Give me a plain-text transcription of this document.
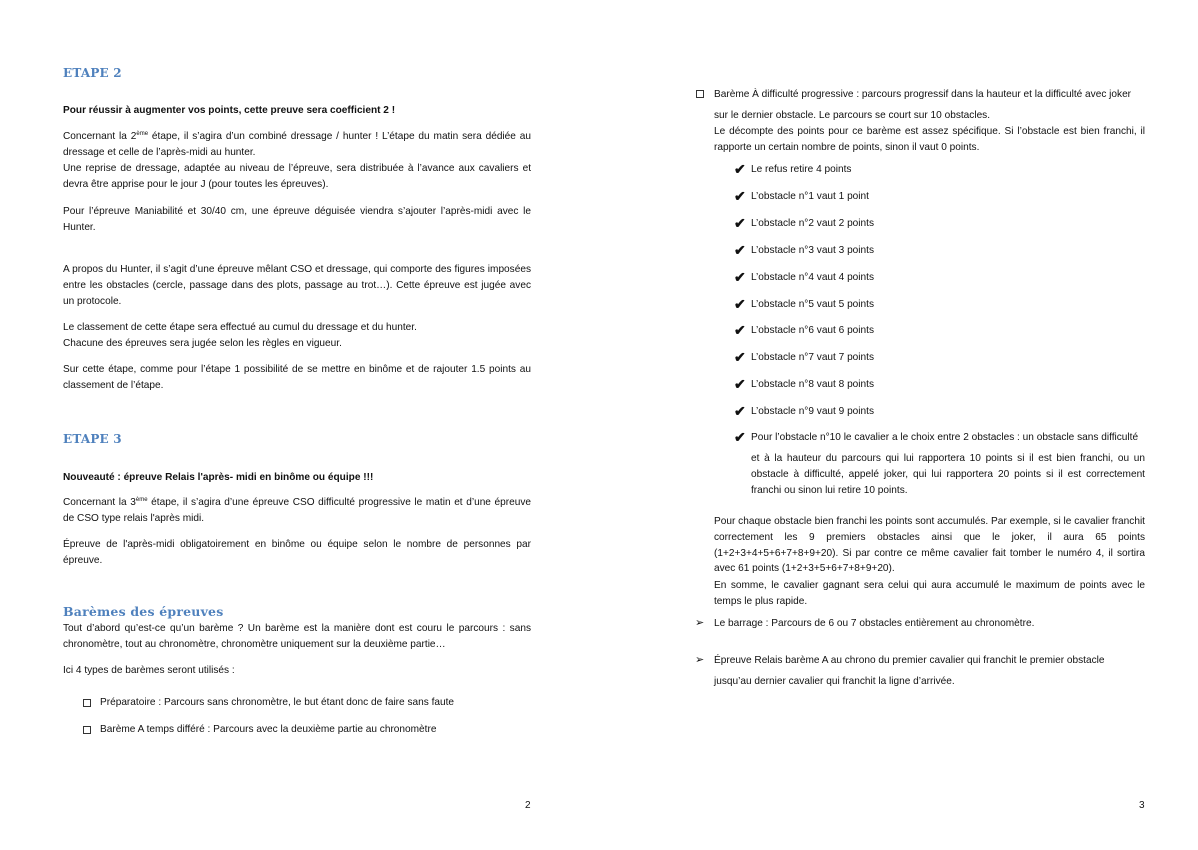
ETAPE 2

Pour réussir à augmenter vos points, cette preuve sera coefficient 2 !

Concernant la 2ème étape, il s’agira d’un combiné dressage / hunter ! L’étape du matin sera dédiée au dressage et celle de l’après-midi au hunter.

Une reprise de dressage, adaptée au niveau de l’épreuve, sera distribuée à l’avance aux cavaliers et devra être apprise pour le jour J (pour toutes les épreuves).

Pour l’épreuve Maniabilité et 30/40 cm, une épreuve déguisée viendra s’ajouter l’après-midi avec le Hunter.

A propos du Hunter, il s’agit d’une épreuve mêlant CSO et dressage, qui comporte des figures imposées entre les obstacles (cercle, passage dans des plots, passage au trot…). Cette épreuve est jugée avec un protocole.

Le classement de cette étape sera effectué au cumul du dressage et du hunter.

Chacune des épreuves sera jugée selon les règles en vigueur.

Sur cette étape, comme pour l’étape 1 possibilité de se mettre en binôme et de rajouter 1.5 points au classement de l’étape.

ETAPE 3

Nouveauté : épreuve Relais l'après- midi en binôme ou équipe !!!

Concernant la 3ème étape, il s’agira d’une épreuve CSO difficulté progressive le matin et d’une épreuve de CSO type relais l'après midi.

Épreuve de l'après-midi obligatoirement en binôme ou équipe selon le nombre de personnes par épreuve.

Barèmes des épreuves

Tout d’abord qu’est-ce qu’un barème ? Un barème est la manière dont est couru le parcours : sans chronomètre, tout au chronomètre, chronomètre uniquement sur la deuxième partie…

Ici 4 types de barèmes seront utilisés :

Préparatoire : Parcours sans chronomètre, le but étant donc de faire sans faute

Barème A temps différé : Parcours avec la deuxième partie au chronomètre

2

Barème À difficulté progressive : parcours progressif dans la hauteur et la difficulté avec joker

sur le dernier obstacle. Le parcours se court sur 10 obstacles.

Le décompte des points pour ce barème est assez spécifique. Si l’obstacle est bien franchi, il rapporte un certain nombre de points, sinon il vaut 0 points.

✔ Le refus retire 4 points

✔ L’obstacle n°1 vaut 1 point

✔ L’obstacle n°2 vaut 2 points

✔ L’obstacle n°3 vaut 3 points

✔ L’obstacle n°4 vaut 4 points

✔ L’obstacle n°5 vaut 5 points

✔ L’obstacle n°6 vaut 6 points

✔ L’obstacle n°7 vaut 7 points

✔ L’obstacle n°8 vaut 8 points

✔ L’obstacle n°9 vaut 9 points

✔ Pour l’obstacle n°10 le cavalier a le choix entre 2 obstacles : un obstacle sans difficulté

et à la hauteur du parcours qui lui rapportera 10 points si il est bien franchi, ou un obstacle à difficulté, appelé joker, qui lui rapportera 20 points si il est correctement franchi ou sinon lui retire 10 points.

Pour chaque obstacle bien franchi les points sont accumulés. Par exemple, si le cavalier franchit correctement les 9 premiers obstacles ainsi que le joker, il aura 65 points (1+2+3+4+5+6+7+8+9+20). Si par contre ce même cavalier fait tomber le numéro 4, il sortira avec 61 points (1+2+3+5+6+7+8+9+20).

En somme, le cavalier gagnant sera celui qui aura accumulé le maximum de points avec le temps le plus rapide.

➢ Le barrage : Parcours de 6 ou 7 obstacles entièrement au chronomètre.

➢ Épreuve Relais barème A au chrono du premier cavalier qui franchit le premier obstacle

jusqu’au dernier cavalier qui franchit la ligne d’arrivée.

3
